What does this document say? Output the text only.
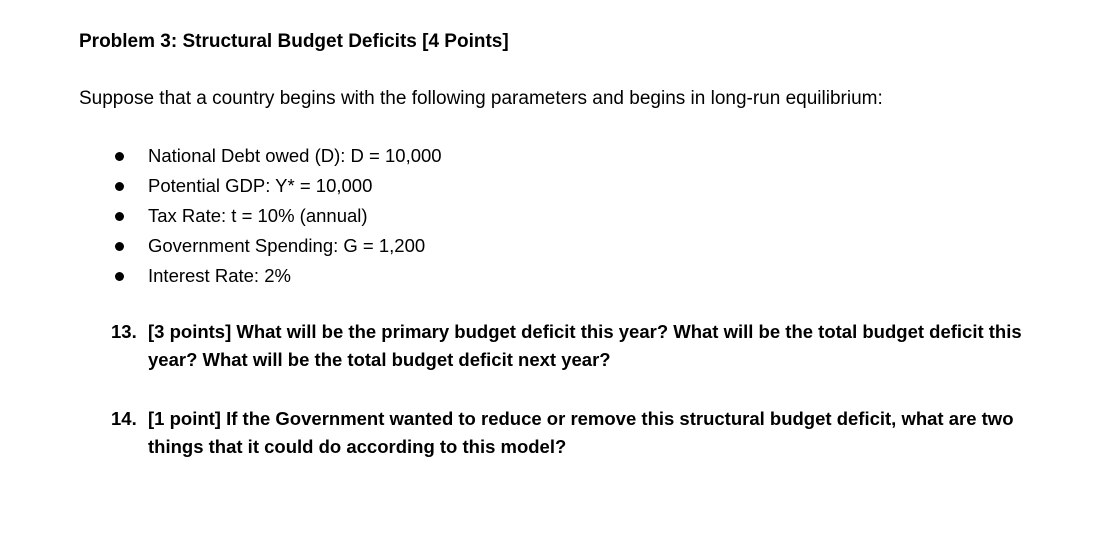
Problem 3: Structural Budget Deficits [4 Points]
Suppose that a country begins with the following parameters and begins in long-run equilibrium:
National Debt owed (D): D = 10,000
Potential GDP: Y* = 10,000
Tax Rate: t = 10% (annual)
Government Spending: G = 1,200
Interest Rate: 2%
13. [3 points] What will be the primary budget deficit this year? What will be the total budget deficit this year? What will be the total budget deficit next year?
14. [1 point] If the Government wanted to reduce or remove this structural budget deficit, what are two things that it could do according to this model?
